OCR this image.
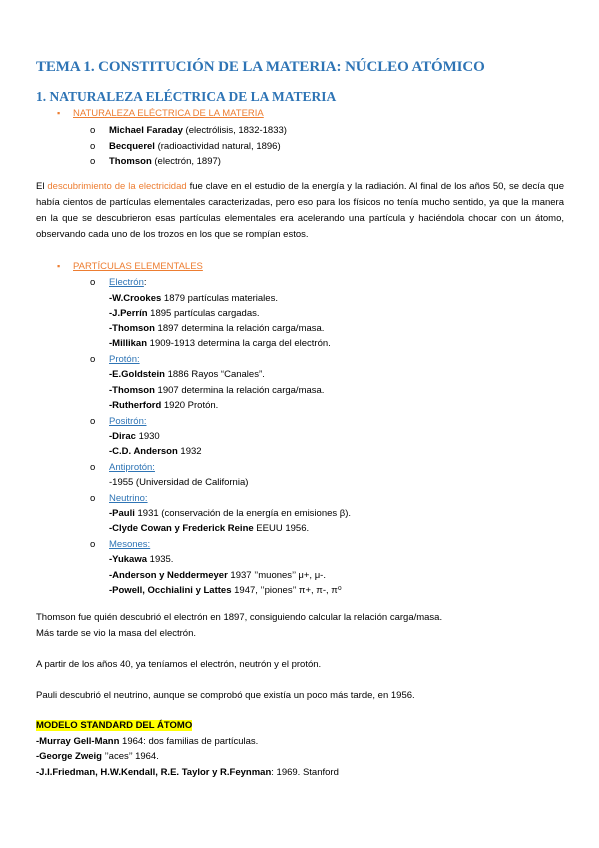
TEMA 1. CONSTITUCIÓN DE LA MATERIA: NÚCLEO ATÓMICO
1. NATURALEZA ELÉCTRICA DE LA MATERIA
▪ NATURALEZA ELÉCTRICA DE LA MATERIA
o Michael Faraday (electrólisis, 1832-1833)
o Becquerel (radioactividad natural, 1896)
o Thomson (electrón, 1897)
El descubrimiento de la electricidad fue clave en el estudio de la energía y la radiación. Al final de los años 50, se decía que había cientos de partículas elementales caracterizadas, pero eso para los físicos no tenía mucho sentido, ya que la manera en la que se descubrieron esas partículas elementales era acelerando una partícula y haciéndola chocar con un átomo, observando cada uno de los trozos en los que se rompían estos.
▪ PARTÍCULAS ELEMENTALES
o Electrón:
-W.Crookes 1879 partículas materiales.
-J.Perrín 1895 partículas cargadas.
-Thomson 1897 determina la relación carga/masa.
-Millikan 1909-1913 determina la carga del electrón.
o Protón:
-E.Goldstein 1886 Rayos “Canales”.
-Thomson 1907 determina la relación carga/masa.
-Rutherford 1920 Protón.
o Positrón:
-Dirac 1930
-C.D. Anderson 1932
o Antiprotón:
-1955 (Universidad de California)
o Neutrino:
-Pauli 1931 (conservación de la energía en emisiones β).
-Clyde Cowan y Frederick Reine EEUU 1956.
o Mesones:
-Yukawa 1935.
-Anderson y Neddermeyer 1937 ’’muones’’ μ+, μ-.
-Powell, Occhialini y Lattes 1947, ’’piones’’ π+, π-, π⁰
Thomson fue quién descubrió el electrón en 1897, consiguiendo calcular la relación carga/masa.
Más tarde se vio la masa del electrón.
A partir de los años 40, ya teníamos el electrón, neutrón y el protón.
Pauli descubrió el neutrino, aunque se comprobó que existía un poco más tarde, en 1956.
MODELO STANDARD DEL ÁTOMO
-Murray Gell-Mann 1964: dos familias de partículas.
-George Zweig ’’aces’’ 1964.
-J.I.Friedman, H.W.Kendall, R.E. Taylor y R.Feynman: 1969. Stanford
